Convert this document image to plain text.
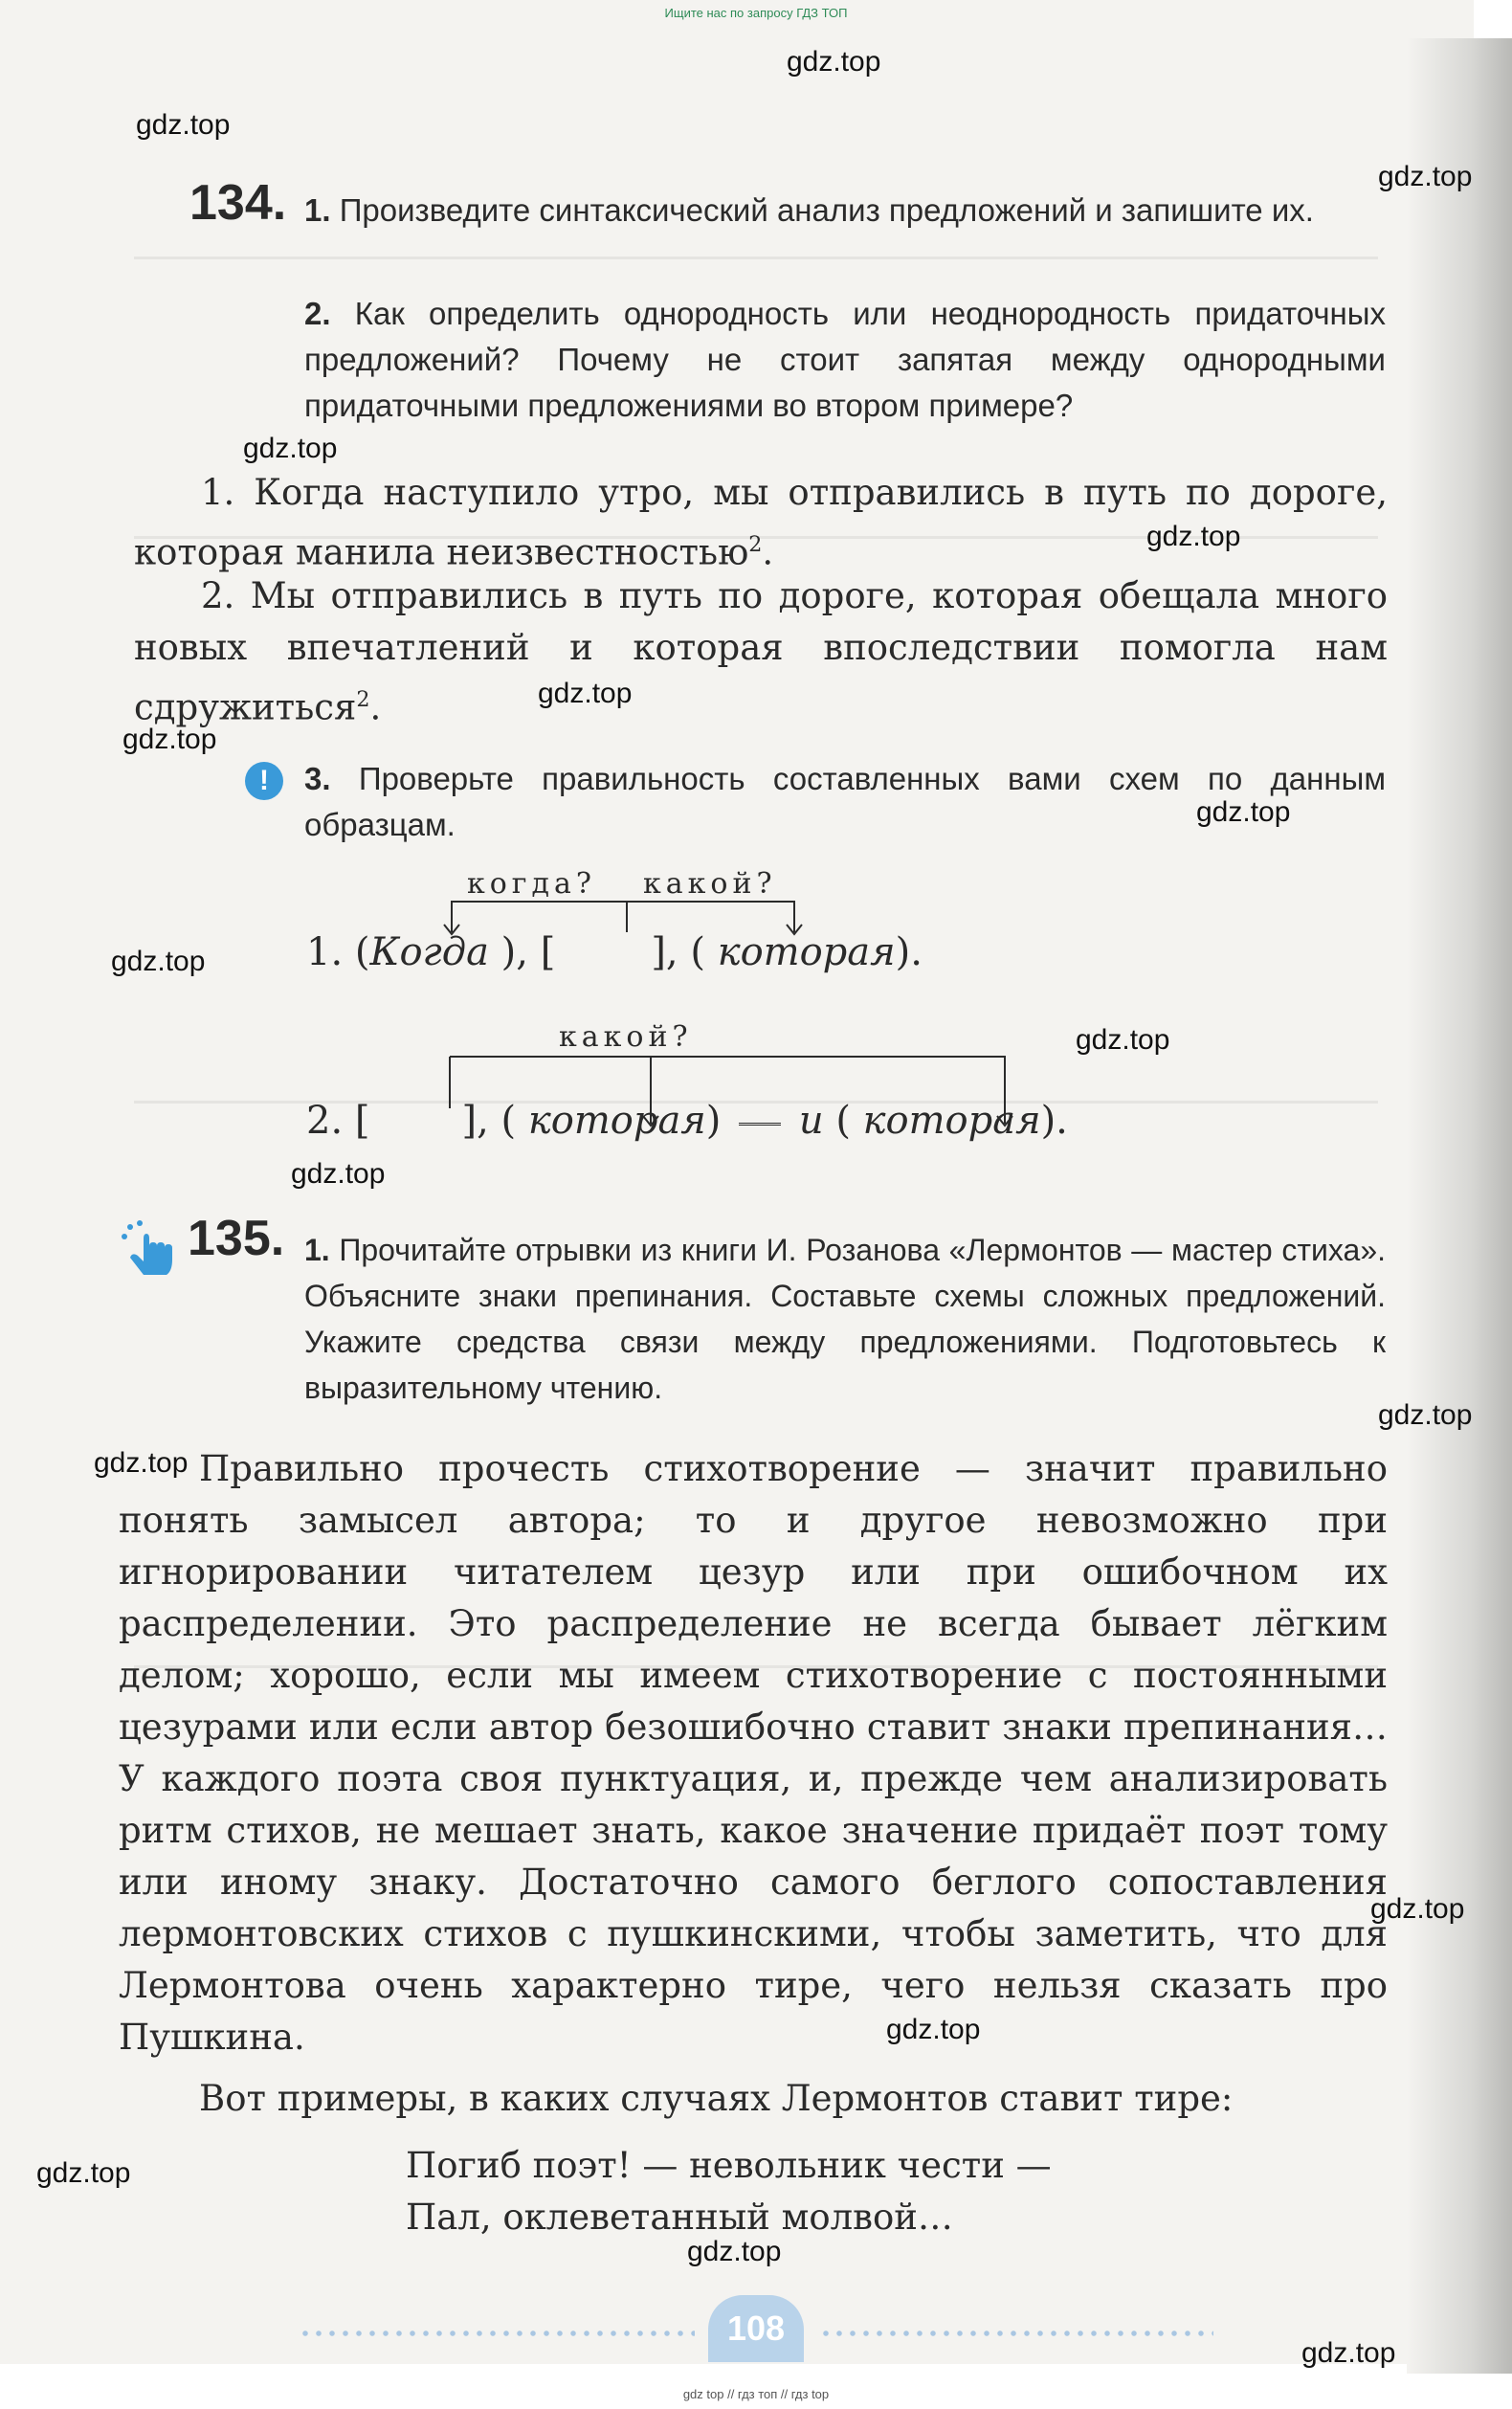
Ищите нас по запросу ГДЗ ТОП
gdz.top
gdz.top
gdz.top
gdz.top
gdz.top
gdz.top
gdz.top
gdz.top
gdz.top
gdz.top
gdz.top
gdz.top
gdz.top
gdz.top
gdz.top
gdz.top
gdz.top
gdz.top
134. 1. Произведите синтаксический анализ предложений и запишите их.
2. Как определить однородность или неоднородность придаточных предложений? Почему не стоит запятая между однородными придаточными предложениями во втором примере?
1. Когда наступило утро, мы отправились в путь по дороге, которая манила неизвестностью$^2$.
2. Мы отправились в путь по дороге, которая обещала много новых впечатлений и которая впоследствии помогла нам сдружиться$^2$.
!	3. Проверьте правильность составленных вами схем по данным образцам.
когда? какой?
1. (Когда ), [	], ( которая).
какой?
2. [ ], ( которая) и ( которая).
135. 1. Прочитайте отрывки из книги И. Розанова «Лермонтов — мастер стиха». Объясните знаки препинания. Составьте схемы сложных предложений. Укажите средства связи между предложениями. Подготовьтесь к выразительному чтению.
Правильно прочесть стихотворение — значит правильно понять замысел автора; то и другое невозможно при игнорировании читателем цезур или при ошибочном их распределении. Это распределение не всегда бывает лёгким делом; хорошо, если мы имеем стихотворение с постоянными цезурами или если автор безошибочно ставит знаки препинания… У каждого поэта своя пунктуация, и, прежде чем анализировать ритм стихов, не мешает знать, какое значение придаёт поэт тому или иному знаку. Достаточно самого беглого сопоставления лермонтовских стихов с пушкинскими, чтобы заметить, что для Лермонтова очень характерно тире, чего нельзя сказать про Пушкина.
Вот примеры, в каких случаях Лермонтов ставит тире:
Погиб поэт! — невольник чести —
Пал, оклеветанный молвой…
108
gdz top // гдз топ // гдз top
